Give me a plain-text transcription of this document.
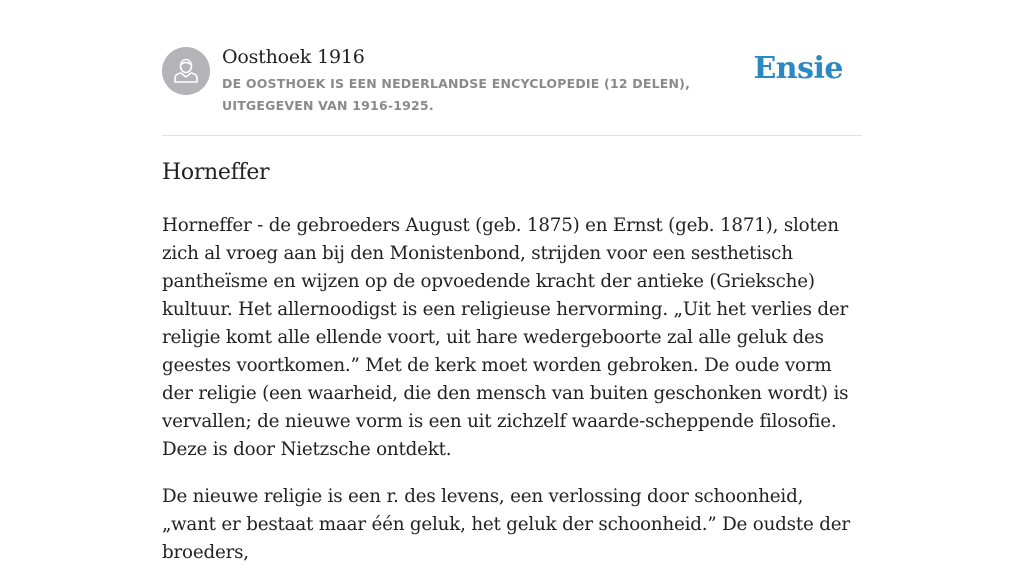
Oosthoek 1916
DE OOSTHOEK IS EEN NEDERLANDSE ENCYCLOPEDIE (12 DELEN), UITGEGEVEN VAN 1916-1925.
Ensie
Horneffer

Horneffer - de gebroeders August (geb. 1875) en Ernst (geb. 1871), sloten zich al vroeg aan bij den Monistenbond, strijden voor een sesthetisch pantheïsme en wijzen op de opvoedende kracht der antieke (Grieksche) kultuur. Het allernoodigst is een religieuse hervorming. „Uit het verlies der religie komt alle ellende voort, uit hare wedergeboorte zal alle geluk des geestes voortkomen.” Met de kerk moet worden gebroken. De oude vorm der religie (een waarheid, die den mensch van buiten geschonken wordt) is vervallen; de nieuwe vorm is een uit zichzelf waarde-scheppende filosofie. Deze is door Nietzsche ontdekt.

De nieuwe religie is een r. des levens, een verlossing door schoonheid, „want er bestaat maar één geluk, het geluk der schoonheid.” De oudste der broeders,
